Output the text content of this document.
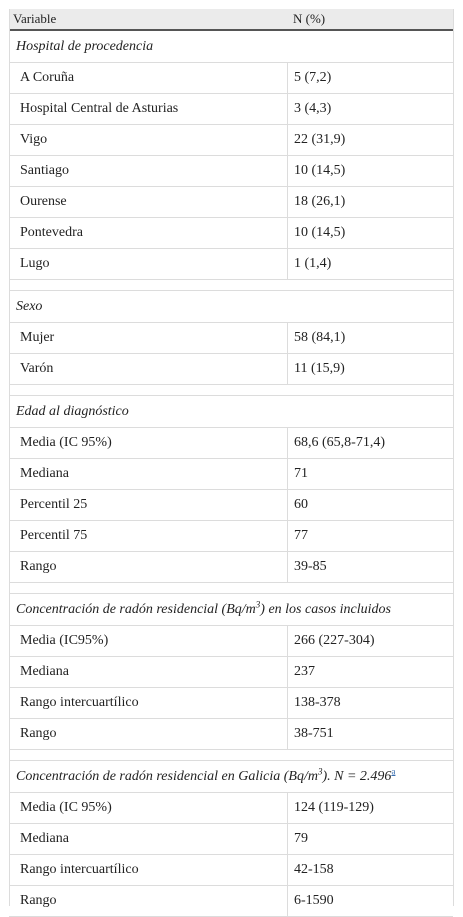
Variable	N (%)
Hospital de procedencia
A Coruña	5 (7,2)
Hospital Central de Asturias	3 (4,3)
Vigo	22 (31,9)
Santiago	10 (14,5)
Ourense	18 (26,1)
Pontevedra	10 (14,5)
Lugo	1 (1,4)
Sexo
Mujer	58 (84,1)
Varón	11 (15,9)
Edad al diagnóstico
Media (IC 95%)	68,6 (65,8-71,4)
Mediana	71
Percentil 25	60
Percentil 75	77
Rango	39-85
Concentración de radón residencial $(Bq/m^3)$ en los casos incluidos
Media (IC95%)	266 (227-304)
Mediana	237
Rango intercuartílico	138-378
Rango	38-751
Concentración de radón residencial en Galicia $(Bq/m^3)$. N = 2.496$^a$
Media (IC 95%)	124 (119-129)
Mediana	79
Rango intercuartílico	42-158
Rango	6-1590
